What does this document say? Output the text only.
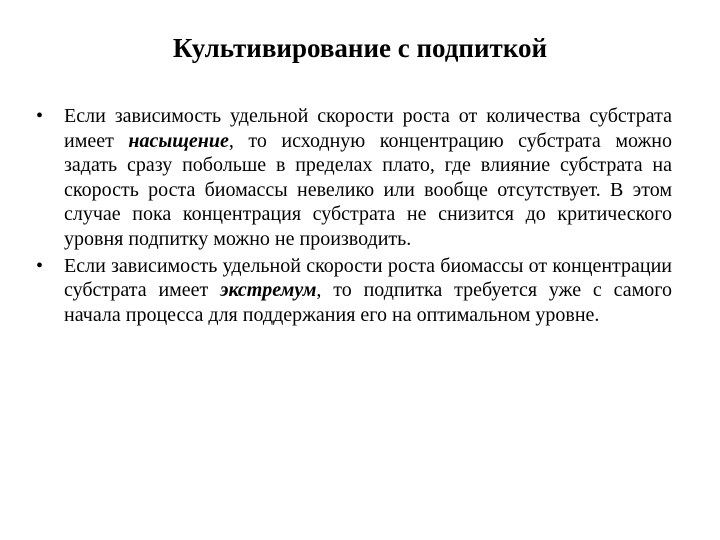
Культивирование с подпиткой
• Если зависимость удельной скорости роста от количества субстрата имеет насыщение, то исходную концентрацию субстрата можно задать сразу побольше в пределах плато, где влияние субстрата на скорость роста биомассы невелико или вообще отсутствует. В этом случае пока концентрация субстрата не снизится до критического уровня подпитку можно не производить.
• Если зависимость удельной скорости роста биомассы от концентрации субстрата имеет экстремум, то подпитка требуется уже с самого начала процесса для поддержания его на оптимальном уровне.
